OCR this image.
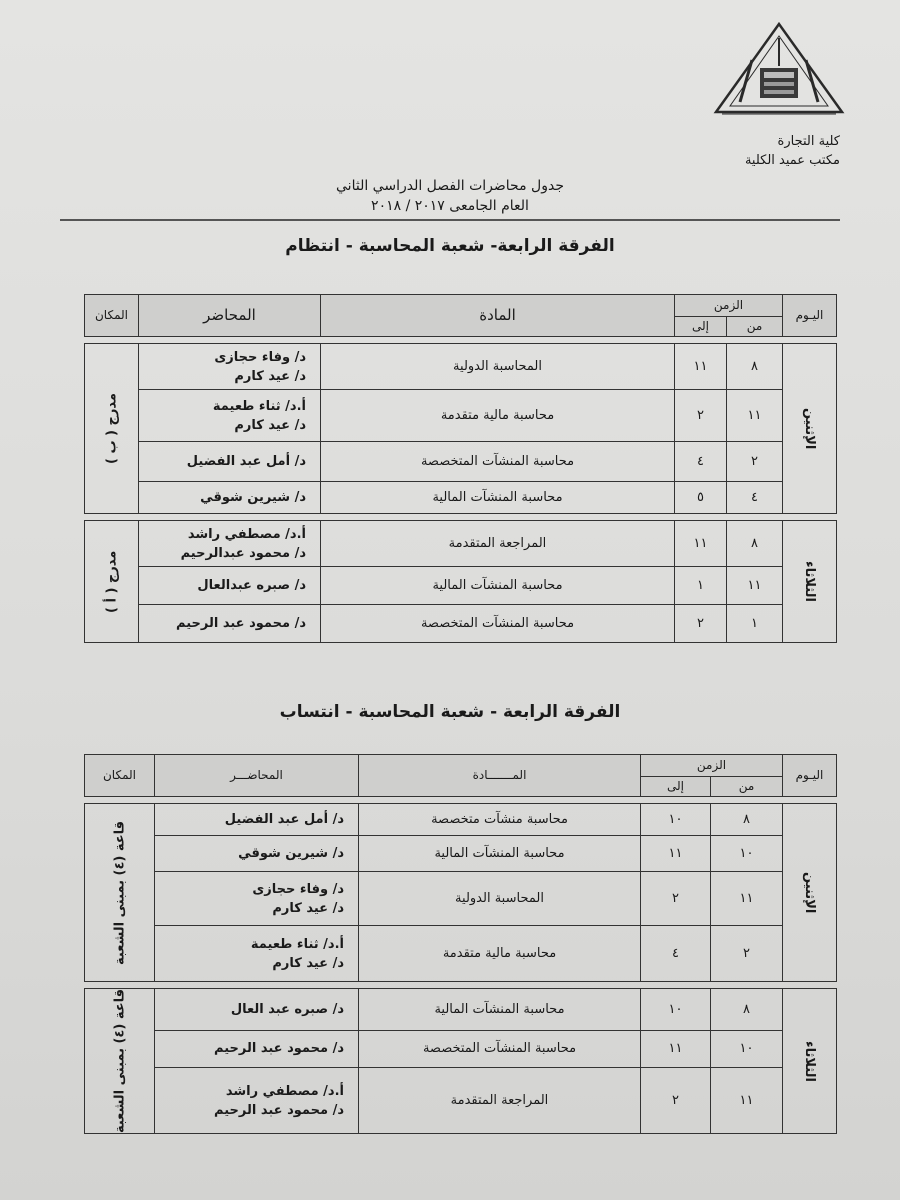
كلية التجارة
مكتب عميد الكلية
جدول محاضرات الفصل الدراسي الثاني
العام الجامعى ٢٠١٧ / ٢٠١٨
الفرقة الرابعة- شعبة المحاسبة - انتظام
اليـوم	الزمن		المادة	المحاضر	المكان
	من	إلى			

الإثنين	٨	١١	المحاسبة الدولية	د/ وفاء حجازى
د/ عيد كارم	مدرج ( ب )
	١١	٢	محاسبة مالية متقدمة	أ.د/ ثناء طعيمة
د/ عيد كارم	

	٢	٤	محاسبة المنشآت المتخصصة	د/ أمل عبد الفضيل	

	٤	٥	محاسبة المنشآت المالية	د/ شيرين شوقي	

الثلاثاء	٨	١١	المراجعة المتقدمة	أ.د/ مصطفي راشد
د/ محمود عبدالرحيم	مدرج ( أ )
	١١	١	محاسبة المنشآت المالية	د/ صبره عبدالعال	

	١	٢	محاسبة المنشآت المتخصصة	د/ محمود عبد الرحيم	
الفرقة الرابعة - شعبة المحاسبة - انتساب
اليـوم	الزمن		المـــــــادة	المحاضـــر	المكان
	من	إلى			

الإثنين	٨	١٠	محاسبة منشآت متخصصة	د/ أمل عبد الفضيل	قاعة (٤) بمبنى الشعبة
	١٠	١١	محاسبة المنشآت المالية	د/ شيرين شوقي	

	١١	٢	المحاسبة الدولية	د/ وفاء حجازى
د/ عيد كارم	

	٢	٤	محاسبة مالية متقدمة	أ.د/ ثناء طعيمة
د/ عيد كارم	

الثلاثاء	٨	١٠	محاسبة المنشآت المالية	د/ صبره عبد العال	قاعة (٤) بمبنى الشعبة
	١٠	١١	محاسبة المنشآت المتخصصة	د/ محمود عبد الرحيم	

	١١	٢	المراجعة المتقدمة	أ.د/ مصطفي راشد
د/ محمود عبد الرحيم	
